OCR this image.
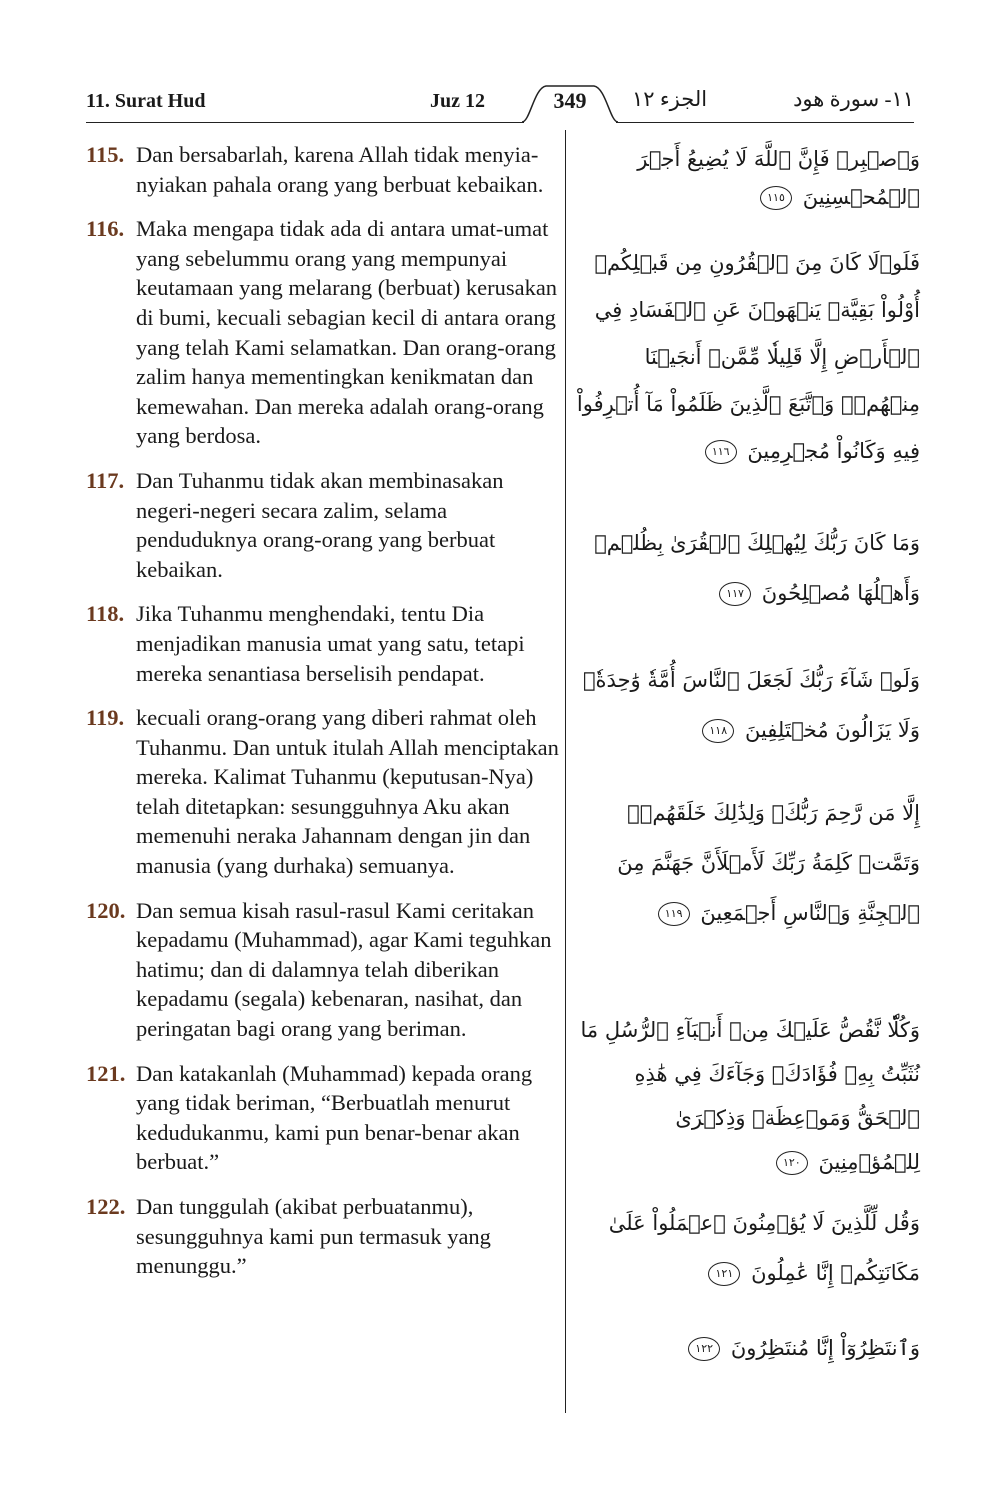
11. Surat Hud	Juz 12	349	الجزء ١٢	١١- سورة هود
115. Dan bersabarlah, karena Allah tidak menyia-nyiakan pahala orang yang berbuat kebaikan.
116. Maka mengapa tidak ada di antara umat-umat yang sebelummu orang yang mempunyai keutamaan yang melarang (berbuat) kerusakan di bumi, kecuali sebagian kecil di antara orang yang telah Kami selamatkan. Dan orang-orang zalim hanya mementingkan kenikmatan dan kemewahan. Dan mereka adalah orang-orang yang berdosa.
117. Dan Tuhanmu tidak akan membinasakan negeri-negeri secara zalim, selama penduduknya orang-orang yang berbuat kebaikan.
118. Jika Tuhanmu menghendaki, tentu Dia menjadikan manusia umat yang satu, tetapi mereka senantiasa berselisih pendapat.
119. kecuali orang-orang yang diberi rahmat oleh Tuhanmu. Dan untuk itulah Allah menciptakan mereka. Kalimat Tuhanmu (keputusan-Nya) telah ditetapkan: sesungguhnya Aku akan memenuhi neraka Jahannam dengan jin dan manusia (yang durhaka) semuanya.
120. Dan semua kisah rasul-rasul Kami ceritakan kepadamu (Muhammad), agar Kami teguhkan hatimu; dan di dalamnya telah diberikan kepadamu (segala) kebenaran, nasihat, dan peringatan bagi orang yang beriman.
121. Dan katakanlah (Muhammad) kepada orang yang tidak beriman, “Berbuatlah menurut kedudukanmu, kami pun benar-benar akan berbuat.”
122. Dan tunggulah (akibat perbuatanmu), sesungguhnya kami pun termasuk yang menunggu.”
وَٱصۡبِرۡ فَإِنَّ ٱللَّهَ لَا يُضِيعُ أَجۡرَ ٱلۡمُحۡسِنِينَ ١١٥
فَلَوۡلَا كَانَ مِنَ ٱلۡقُرُونِ مِن قَبۡلِكُمۡ أُوْلُواْ بَقِيَّةٖ يَنۡهَوۡنَ عَنِ ٱلۡفَسَادِ فِي ٱلۡأَرۡضِ إِلَّا قَلِيلٗا مِّمَّنۡ أَنجَيۡنَا مِنۡهُمۡۗ وَٱتَّبَعَ ٱلَّذِينَ ظَلَمُواْ مَآ أُتۡرِفُواْ فِيهِ وَكَانُواْ مُجۡرِمِينَ ١١٦
وَمَا كَانَ رَبُّكَ لِيُهۡلِكَ ٱلۡقُرَىٰ بِظُلۡمٖ وَأَهۡلُهَا مُصۡلِحُونَ ١١٧
وَلَوۡ شَآءَ رَبُّكَ لَجَعَلَ ٱلنَّاسَ أُمَّةٗ وَٰحِدَةٗۖ وَلَا يَزَالُونَ مُخۡتَلِفِينَ ١١٨
إِلَّا مَن رَّحِمَ رَبُّكَۚ وَلِذَٰلِكَ خَلَقَهُمۡۗ وَتَمَّتۡ كَلِمَةُ رَبِّكَ لَأَمۡلَأَنَّ جَهَنَّمَ مِنَ ٱلۡجِنَّةِ وَٱلنَّاسِ أَجۡمَعِينَ ١١٩
وَكُلّٗا نَّقُصُّ عَلَيۡكَ مِنۡ أَنۢبَآءِ ٱلرُّسُلِ مَا نُثَبِّتُ بِهِۦ فُؤَادَكَۚ وَجَآءَكَ فِي هَٰذِهِ ٱلۡحَقُّ وَمَوۡعِظَةٞ وَذِكۡرَىٰ لِلۡمُؤۡمِنِينَ ١٢٠
وَقُل لِّلَّذِينَ لَا يُؤۡمِنُونَ ٱعۡمَلُواْ عَلَىٰ مَكَانَتِكُمۡ إِنَّا عَٰمِلُونَ ١٢١
وَٱنتَظِرُوٓاْ إِنَّا مُنتَظِرُونَ ١٢٢
